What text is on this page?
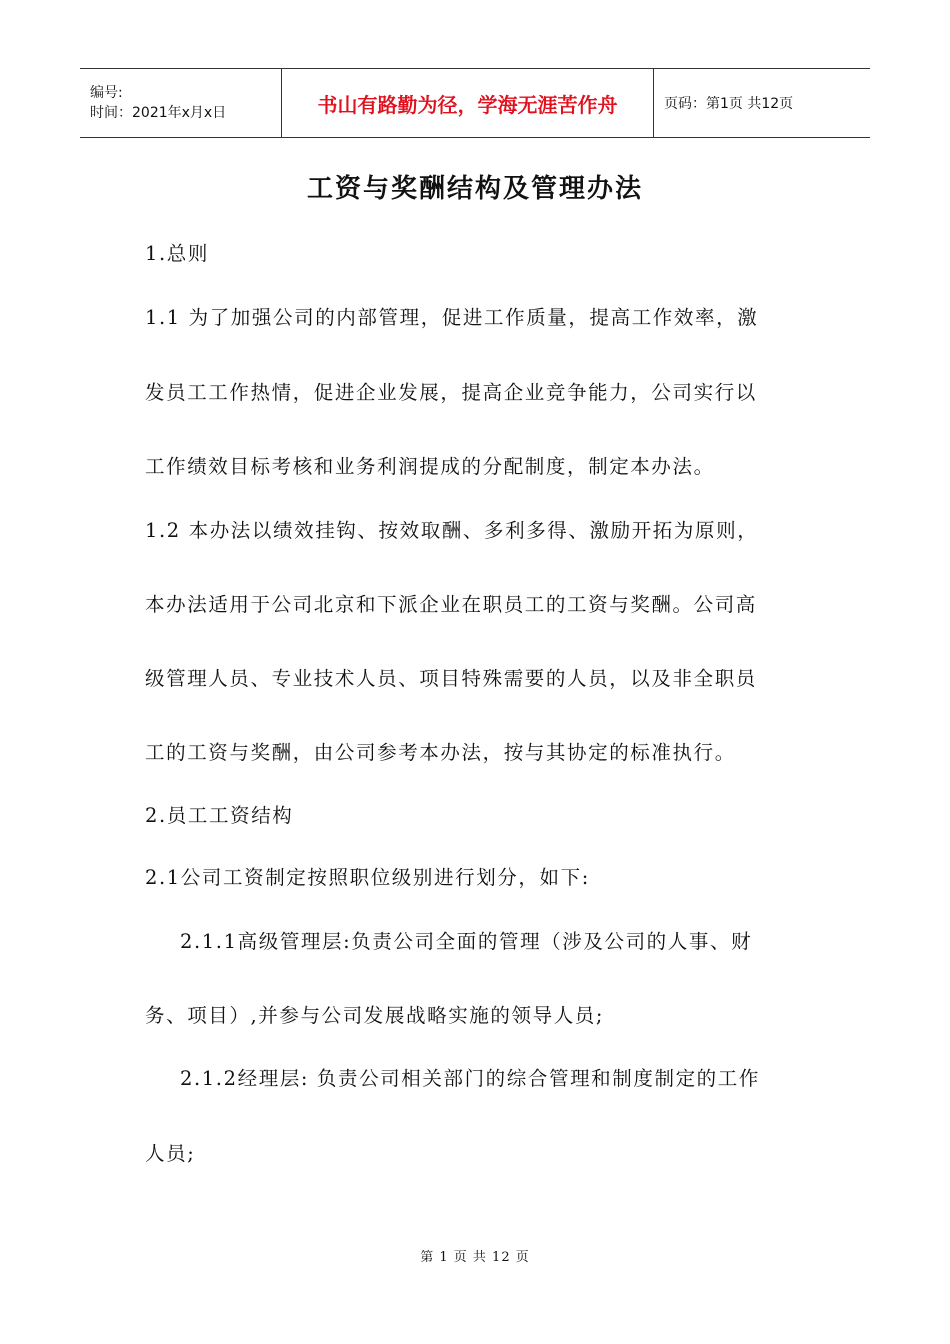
编号:
时间：2021年x月x日	书山有路勤为径，学海无涯苦作舟	页码：第1页 共12页
工资与奖酬结构及管理办法
1.总则
1.1 为了加强公司的内部管理，促进工作质量，提高工作效率，激
发员工工作热情，促进企业发展，提高企业竞争能力，公司实行以
工作绩效目标考核和业务利润提成的分配制度，制定本办法。
1.2 本办法以绩效挂钩、按效取酬、多利多得、激励开拓为原则，
本办法适用于公司北京和下派企业在职员工的工资与奖酬。公司高
级管理人员、专业技术人员、项目特殊需要的人员，以及非全职员
工的工资与奖酬，由公司参考本办法，按与其协定的标准执行。
2.员工工资结构
2.1公司工资制定按照职位级别进行划分，如下:
2.1.1高级管理层:负责公司全面的管理（涉及公司的人事、财
务、项目）,并参与公司发展战略实施的领导人员;
2.1.2经理层: 负责公司相关部门的综合管理和制度制定的工作
人员;
第 1 页 共 12 页
